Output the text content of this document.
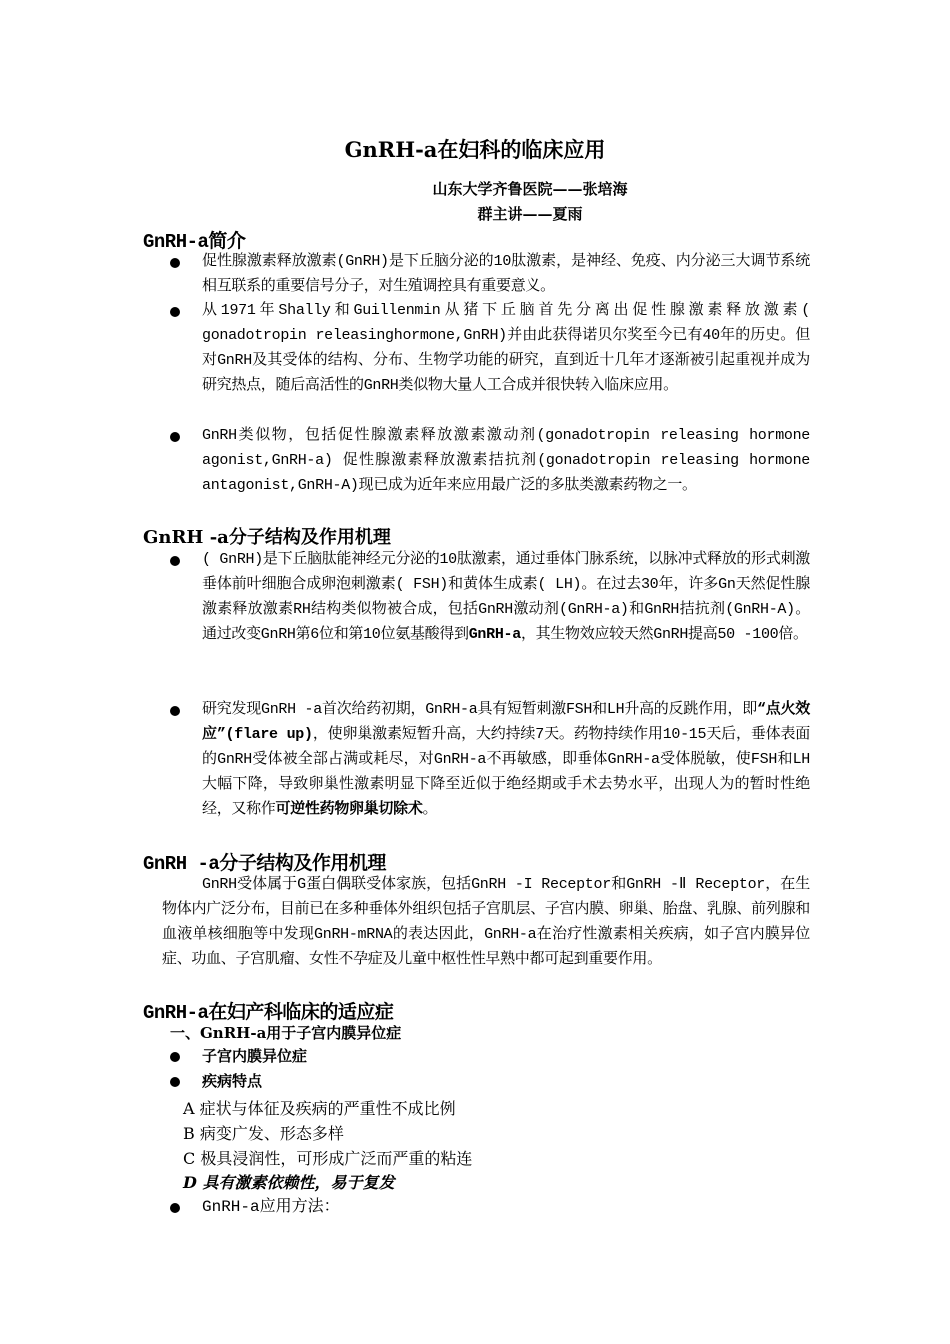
GnRH-a在妇科的临床应用
山东大学齐鲁医院——张培海
群主讲——夏雨
GnRH-a简介
促性腺激素释放激素(GnRH)是下丘脑分泌的10肽激素，是神经、免疫、内分泌三大调节系统相互联系的重要信号分子，对生殖调控具有重要意义。
从1971年Shally和Guillenmin从猪下丘脑首先分离出促性腺激素释放激素( gonadotropin releasinghormone,GnRH)并由此获得诺贝尔奖至今已有40年的历史。但对GnRH及其受体的结构、分布、生物学功能的研究，直到近十几年才逐渐被引起重视并成为研究热点，随后高活性的GnRH类似物大量人工合成并很快转入临床应用。
GnRH类似物，包括促性腺激素释放激素激动剂(gonadotropin releasing hormone agonist,GnRH-a) 促性腺激素释放激素拮抗剂(gonadotropin releasing hormone antagonist,GnRH-A)现已成为近年来应用最广泛的多肽类激素药物之一。
GnRH -a分子结构及作用机理
( GnRH)是下丘脑肽能神经元分泌的10肽激素，通过垂体门脉系统，以脉冲式释放的形式刺激垂体前叶细胞合成卵泡刺激素( FSH)和黄体生成素( LH)。在过去30年，许多Gn天然促性腺激素释放激素RH结构类似物被合成，包括GnRH激动剂(GnRH-a)和GnRH拮抗剂(GnRH-A)。通过改变GnRH第6位和第10位氨基酸得到GnRH-a，其生物效应较天然GnRH提高50 -100倍。
研究发现GnRH -a首次给药初期，GnRH-a具有短暂刺激FSH和LH升高的反跳作用，即“点火效应”(flare up)，使卵巢激素短暂升高，大约持续7天。药物持续作用10-15天后，垂体表面的GnRH受体被全部占满或耗尽，对GnRH-a不再敏感，即垂体GnRH-a受体脱敏，使FSH和LH大幅下降，导致卵巢性激素明显下降至近似于绝经期或手术去势水平，出现人为的暂时性绝经，又称作可逆性药物卵巢切除术。
GnRH -a分子结构及作用机理
GnRH受体属于G蛋白偶联受体家族，包括GnRH -I Receptor和GnRH -Ⅱ Receptor，在生物体内广泛分布，目前已在多种垂体外组织包括子宫肌层、子宫内膜、卵巢、胎盘、乳腺、前列腺和血液单核细胞等中发现GnRH-mRNA的表达因此，GnRH-a在治疗性激素相关疾病，如子宫内膜异位症、功血、子宫肌瘤、女性不孕症及儿童中枢性性早熟中都可起到重要作用。
GnRH-a在妇产科临床的适应症
一、GnRH-a用于子宫内膜异位症
子宫内膜异位症
疾病特点
A 症状与体征及疾病的严重性不成比例
B 病变广发、形态多样
C 极具浸润性，可形成广泛而严重的粘连
D 具有激素依赖性，易于复发
GnRH-a应用方法：
